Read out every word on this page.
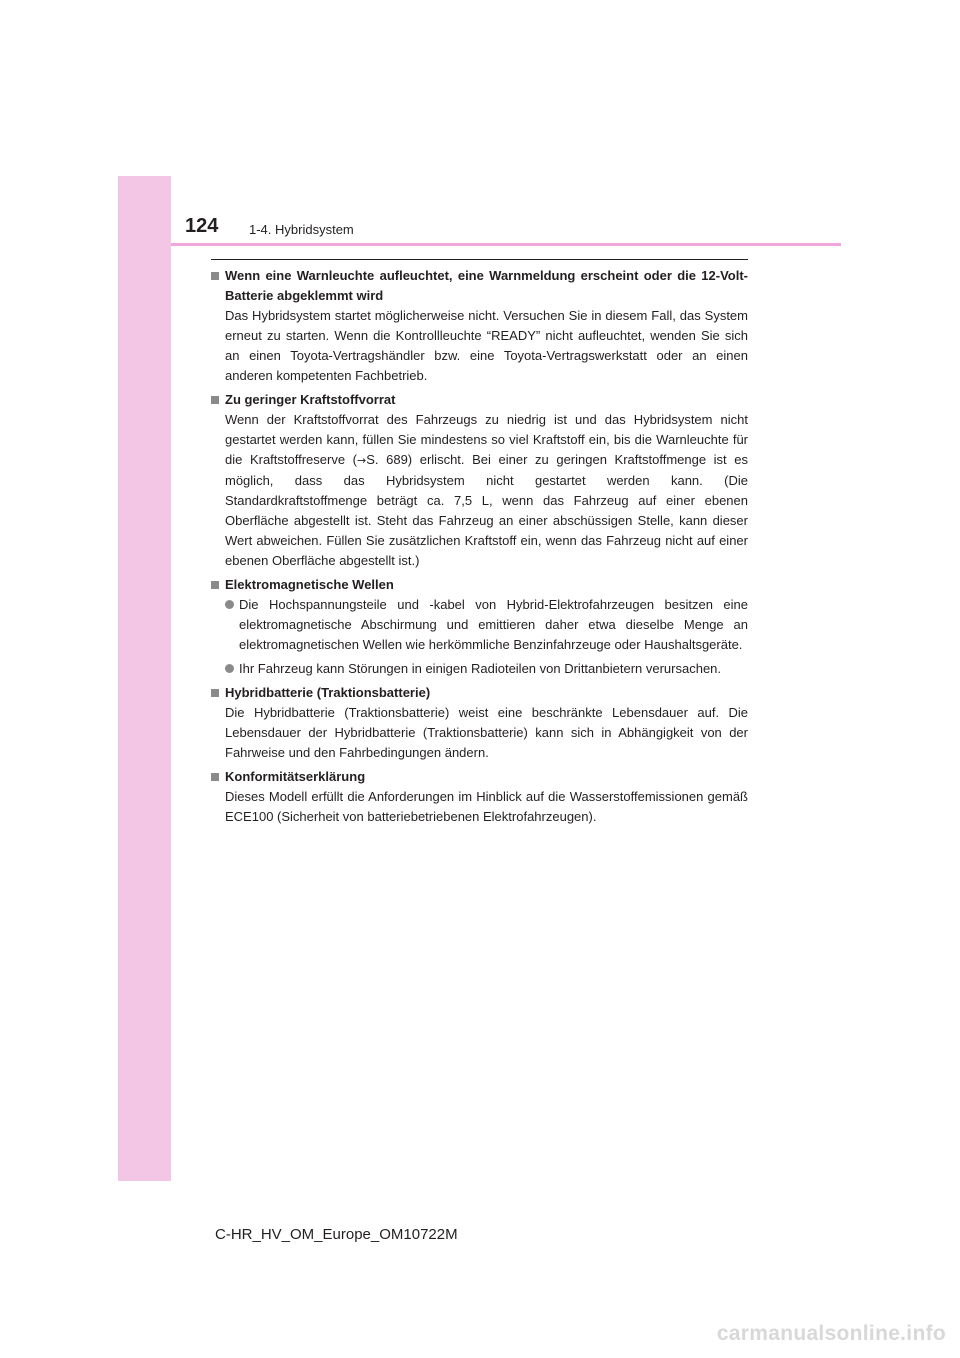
124 1-4. Hybridsystem
Wenn eine Warnleuchte aufleuchtet, eine Warnmeldung erscheint oder die 12-Volt-Batterie abgeklemmt wird
Das Hybridsystem startet möglicherweise nicht. Versuchen Sie in diesem Fall, das System erneut zu starten. Wenn die Kontrollleuchte “READY” nicht aufleuchtet, wenden Sie sich an einen Toyota-Vertragshändler bzw. eine Toyota-Vertragswerkstatt oder an einen anderen kompetenten Fachbetrieb.
Zu geringer Kraftstoffvorrat
Wenn der Kraftstoffvorrat des Fahrzeugs zu niedrig ist und das Hybridsystem nicht gestartet werden kann, füllen Sie mindestens so viel Kraftstoff ein, bis die Warnleuchte für die Kraftstoffreserve (→S. 689) erlischt. Bei einer zu geringen Kraftstoffmenge ist es möglich, dass das Hybridsystem nicht gestartet werden kann. (Die Standardkraftstoffmenge beträgt ca. 7,5 L, wenn das Fahrzeug auf einer ebenen Oberfläche abgestellt ist. Steht das Fahrzeug an einer abschüssigen Stelle, kann dieser Wert abweichen. Füllen Sie zusätzlichen Kraftstoff ein, wenn das Fahrzeug nicht auf einer ebenen Oberfläche abgestellt ist.)
Elektromagnetische Wellen
Die Hochspannungsteile und -kabel von Hybrid-Elektrofahrzeugen besitzen eine elektromagnetische Abschirmung und emittieren daher etwa dieselbe Menge an elektromagnetischen Wellen wie herkömmliche Benzinfahrzeuge oder Haushaltsgeräte.
Ihr Fahrzeug kann Störungen in einigen Radioteilen von Drittanbietern verursachen.
Hybridbatterie (Traktionsbatterie)
Die Hybridbatterie (Traktionsbatterie) weist eine beschränkte Lebensdauer auf. Die Lebensdauer der Hybridbatterie (Traktionsbatterie) kann sich in Abhängigkeit von der Fahrweise und den Fahrbedingungen ändern.
Konformitätserklärung
Dieses Modell erfüllt die Anforderungen im Hinblick auf die Wasserstoffemissionen gemäß ECE100 (Sicherheit von batteriebetriebenen Elektrofahrzeugen).
C-HR_HV_OM_Europe_OM10722M
carmanualsonline.info
